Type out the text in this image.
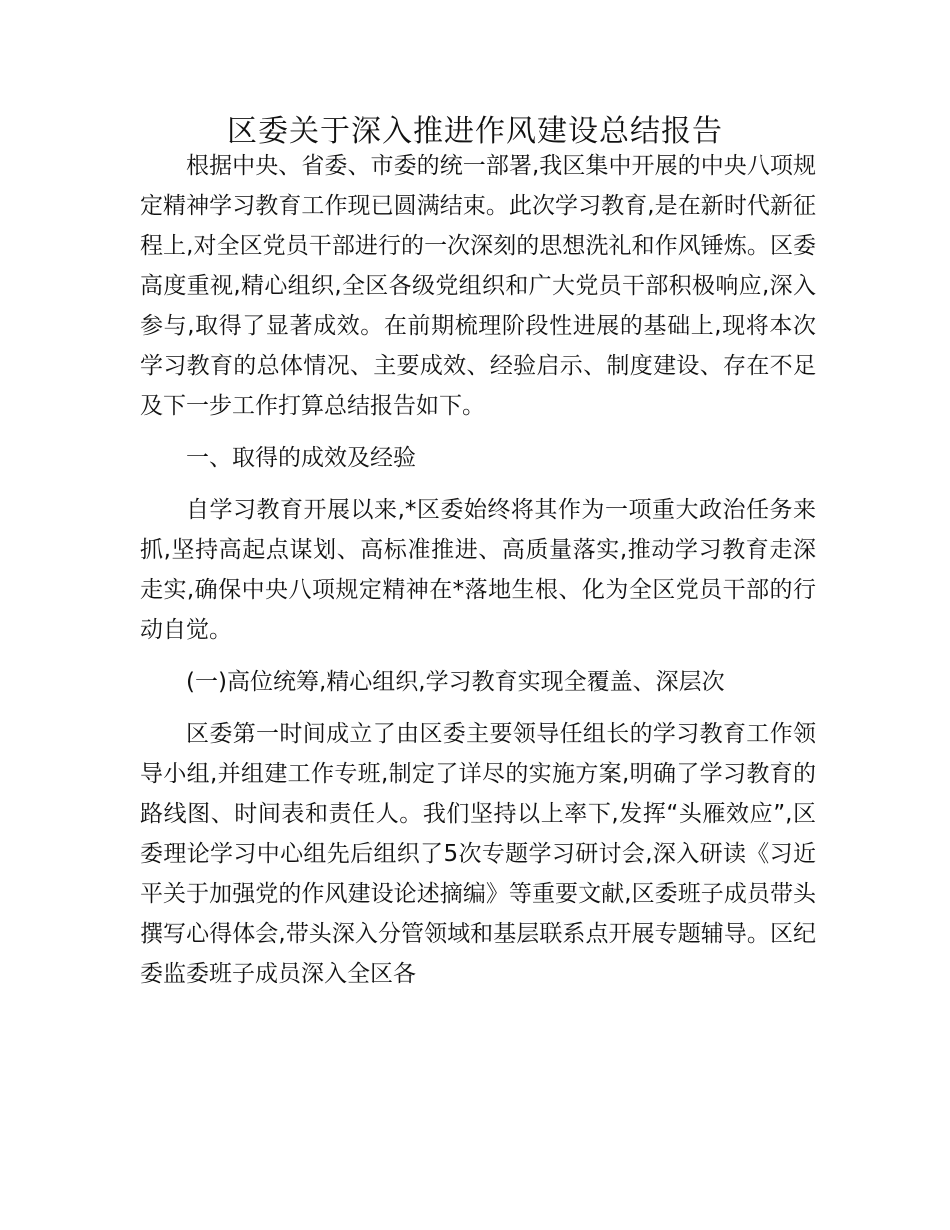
区委关于深入推进作风建设总结报告

根据中央、省委、市委的统一部署,我区集中开展的中央八项规定精神学习教育工作现已圆满结束。此次学习教育,是在新时代新征程上,对全区党员干部进行的一次深刻的思想洗礼和作风锤炼。区委高度重视,精心组织,全区各级党组织和广大党员干部积极响应,深入参与,取得了显著成效。在前期梳理阶段性进展的基础上,现将本次学习教育的总体情况、主要成效、经验启示、制度建设、存在不足及下一步工作打算总结报告如下。

一、取得的成效及经验

自学习教育开展以来,*区委始终将其作为一项重大政治任务来抓,坚持高起点谋划、高标准推进、高质量落实,推动学习教育走深走实,确保中央八项规定精神在*落地生根、化为全区党员干部的行动自觉。

(一)高位统筹,精心组织,学习教育实现全覆盖、深层次

区委第一时间成立了由区委主要领导任组长的学习教育工作领导小组,并组建工作专班,制定了详尽的实施方案,明确了学习教育的路线图、时间表和责任人。我们坚持以上率下,发挥“头雁效应”,区委理论学习中心组先后组织了5次专题学习研讨会,深入研读《习近平关于加强党的作风建设论述摘编》等重要文献,区委班子成员带头撰写心得体会,带头深入分管领域和基层联系点开展专题辅导。区纪委监委班子成员深入全区各
